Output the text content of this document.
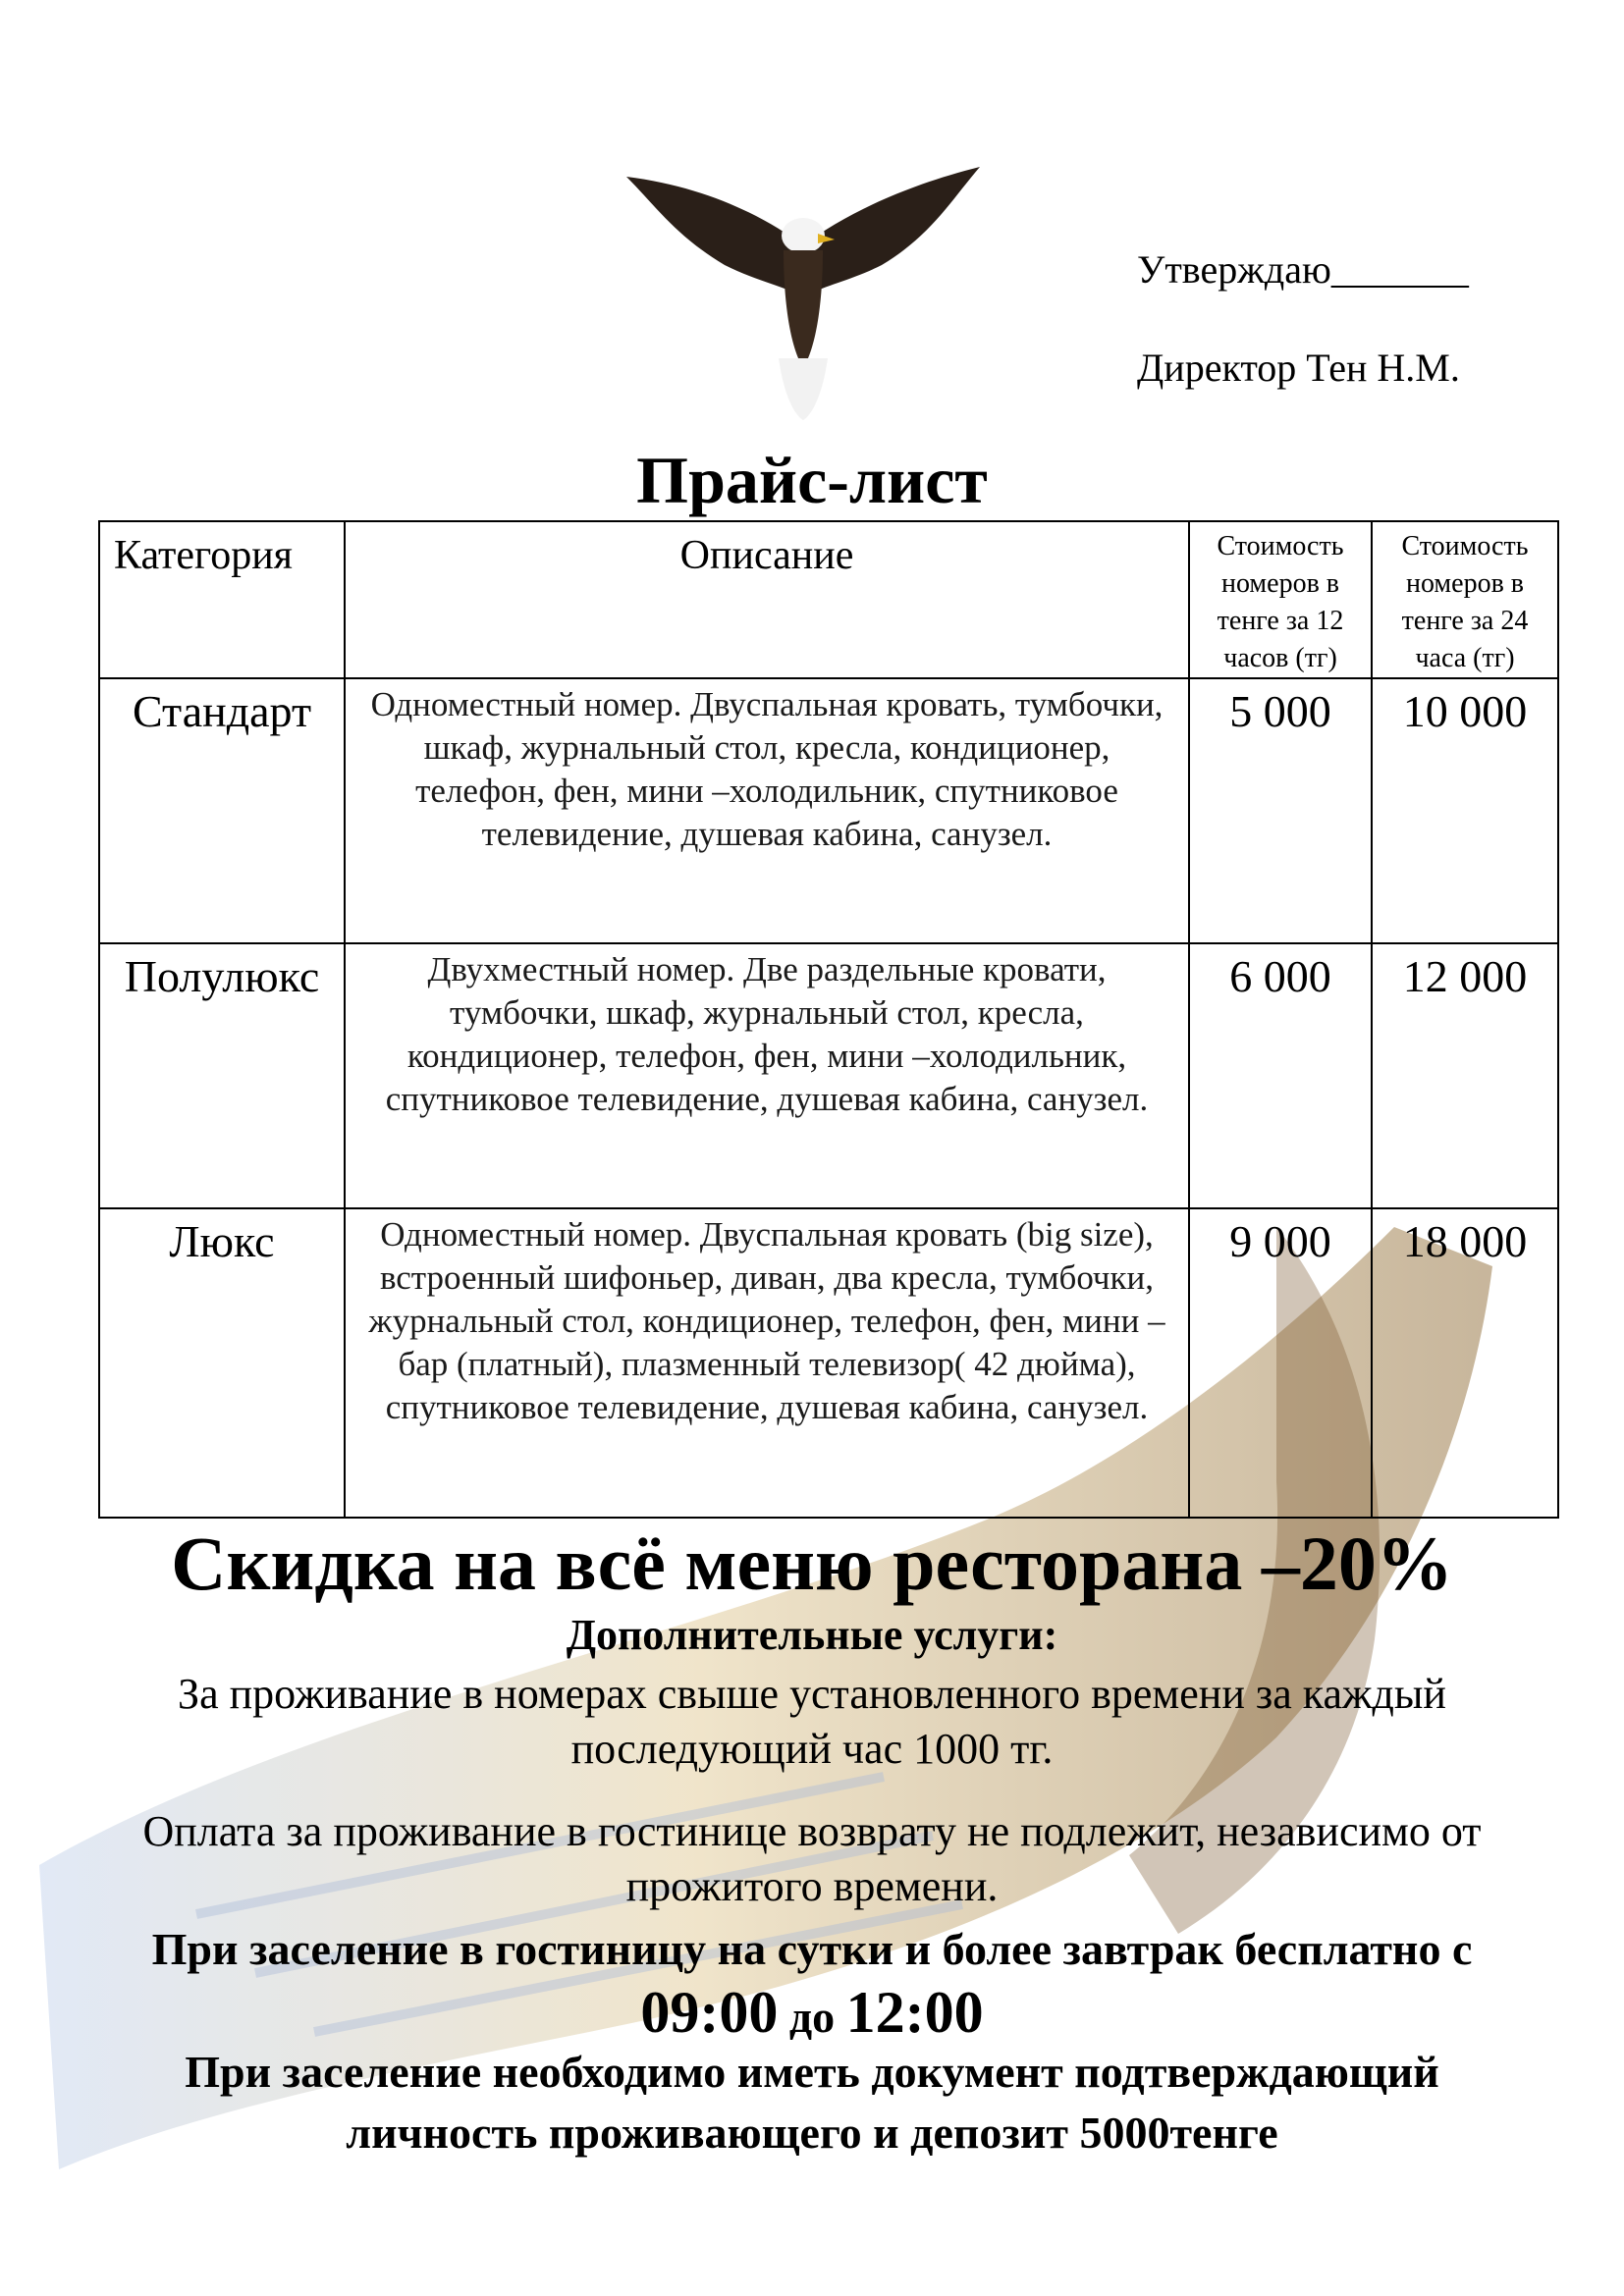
Утверждаю_______
Директор Тен Н.М.
Прайс-лист
Категория	Описание	Стоимость номеров в тенге за 12 часов (тг)	Стоимость номеров в тенге за 24 часа (тг)
Стандарт	Одноместный номер. Двуспальная кровать, тумбочки, шкаф, журнальный стол, кресла, кондиционер, телефон, фен, мини –холодильник, спутниковое телевидение, душевая кабина, санузел.	5 000	10 000
Полулюкс	Двухместный номер. Две раздельные кровати, тумбочки, шкаф, журнальный стол, кресла, кондиционер, телефон, фен, мини –холодильник, спутниковое телевидение, душевая кабина, санузел.	6 000	12 000
Люкс	Одноместный номер. Двуспальная кровать (big size), встроенный шифоньер, диван, два кресла, тумбочки, журнальный стол, кондиционер, телефон, фен, мини –бар (платный), плазменный телевизор( 42 дюйма), спутниковое телевидение, душевая кабина, санузел.	9 000	18 000
Скидка на всё меню ресторана –20%
Дополнительные услуги:
За проживание в номерах свыше установленного времени за каждый последующий час 1000 тг.
Оплата за проживание в гостинице возврату не подлежит, независимо от прожитого времени.
При заселение в гостиницу на сутки и более завтрак бесплатно с 09:00 до 12:00
При заселение необходимо иметь документ подтверждающий личность проживающего и депозит 5000тенге
